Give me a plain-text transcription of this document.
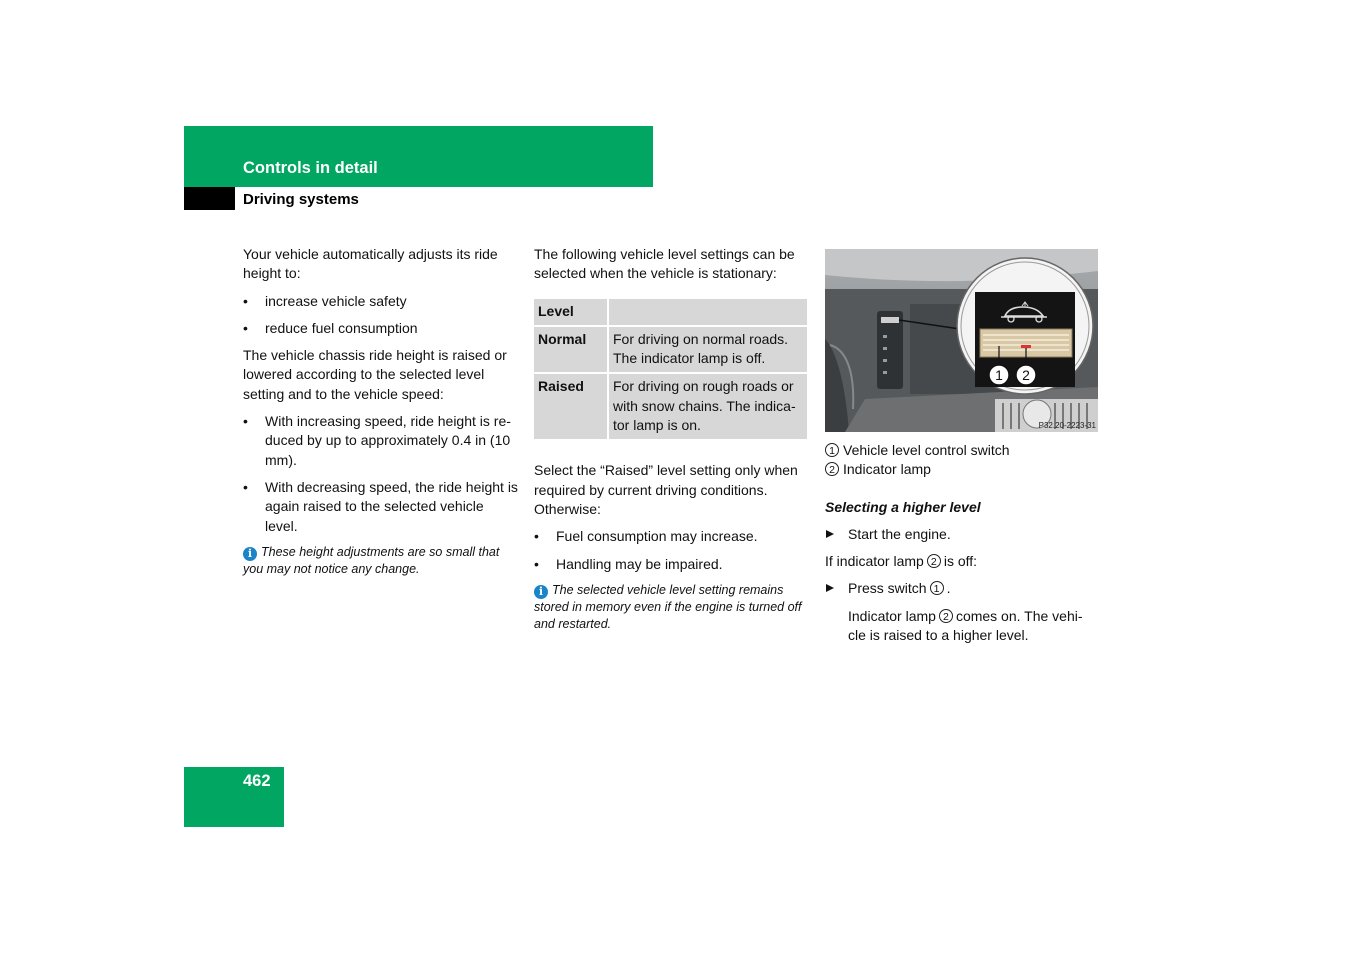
Controls in detail
Driving systems

Your vehicle automatically adjusts its ride height to:

• increase vehicle safety
• reduce fuel consumption

The vehicle chassis ride height is raised or lowered according to the selected level setting and to the vehicle speed:

• With increasing speed, ride height is re-duced by up to approximately 0.4 in (10 mm).
• With decreasing speed, the ride height is again raised to the selected vehicle level.
i These height adjustments are so small that you may not notice any change.

The following vehicle level settings can be selected when the vehicle is stationary:

Level	
Normal	For driving on normal roads. The indicator lamp is off.
Raised	For driving on rough roads or with snow chains. The indica-tor lamp is on.

Select the “Raised” level setting only when required by current driving conditions. Otherwise:

• Fuel consumption may increase.
• Handling may be impaired.
i The selected vehicle level setting remains stored in memory even if the engine is turned off and restarted.
1 2
P32.20-2223-31
1 Vehicle level control switch
2 Indicator lamp

Selecting a higher level

Start the engine.

If indicator lamp 2 is off:

Press switch 1 .
Indicator lamp 2 comes on. The vehi-cle is raised to a higher level.
462
